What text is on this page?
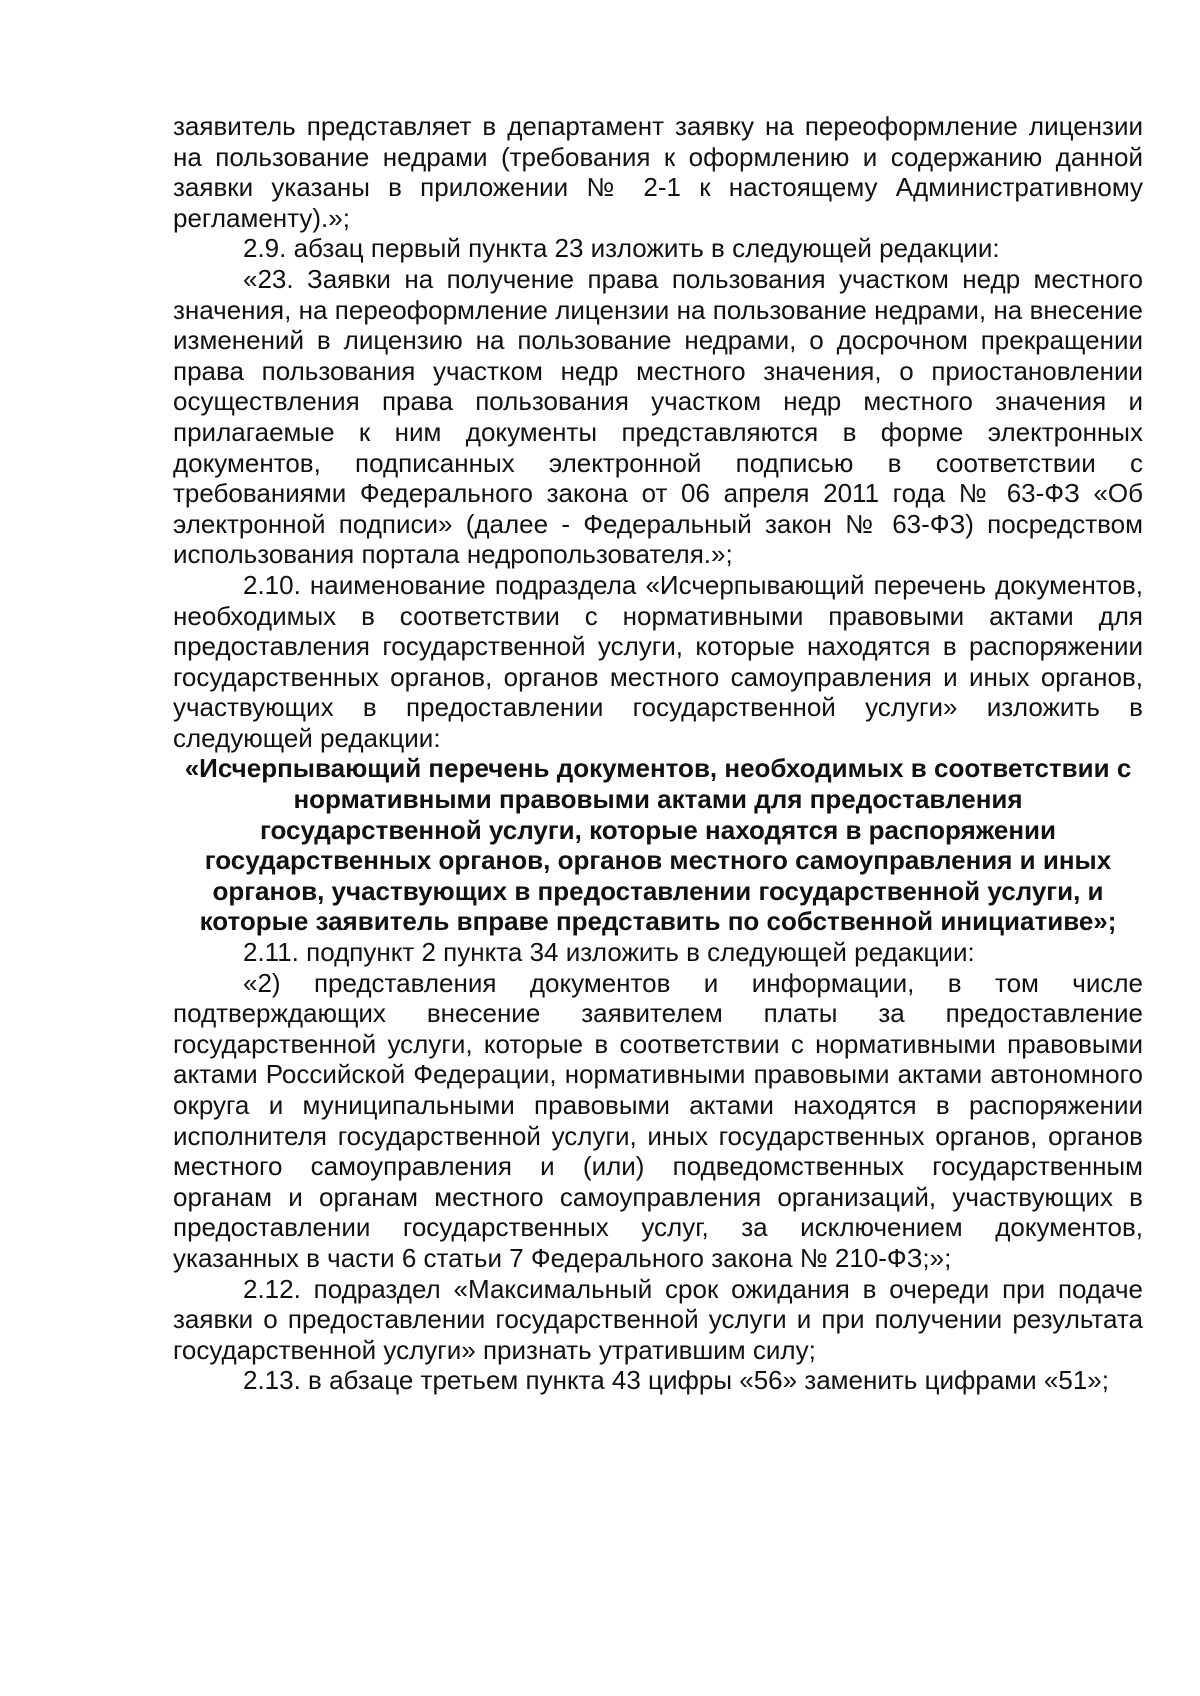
заявитель представляет в департамент заявку на переоформление лицензии на пользование недрами (требования к оформлению и содержанию данной заявки указаны в приложении № 2-1 к настоящему Административному регламенту).»;

2.9. абзац первый пункта 23 изложить в следующей редакции:

«23. Заявки на получение права пользования участком недр местного значения, на переоформление лицензии на пользование недрами, на внесение изменений в лицензию на пользование недрами, о досрочном прекращении права пользования участком недр местного значения, о приостановлении осуществления права пользования участком недр местного значения и прилагаемые к ним документы представляются в форме электронных документов, подписанных электронной подписью в соответствии с требованиями Федерального закона от 06 апреля 2011 года № 63-ФЗ «Об электронной подписи» (далее - Федеральный закон № 63-ФЗ) посредством использования портала недропользователя.»;

2.10. наименование подраздела «Исчерпывающий перечень документов, необходимых в соответствии с нормативными правовыми актами для предоставления государственной услуги, которые находятся в распоряжении государственных органов, органов местного самоуправления и иных органов, участвующих в предоставлении государственной услуги» изложить в следующей редакции:

«Исчерпывающий перечень документов, необходимых в соответствии с нормативными правовыми актами для предоставления государственной услуги, которые находятся в распоряжении государственных органов, органов местного самоуправления и иных органов, участвующих в предоставлении государственной услуги, и которые заявитель вправе представить по собственной инициативе»;

2.11. подпункт 2 пункта 34 изложить в следующей редакции:

«2) представления документов и информации, в том числе подтверждающих внесение заявителем платы за предоставление государственной услуги, которые в соответствии с нормативными правовыми актами Российской Федерации, нормативными правовыми актами автономного округа и муниципальными правовыми актами находятся в распоряжении исполнителя государственной услуги, иных государственных органов, органов местного самоуправления и (или) подведомственных государственным органам и органам местного самоуправления организаций, участвующих в предоставлении государственных услуг, за исключением документов, указанных в части 6 статьи 7 Федерального закона № 210-ФЗ;»;

2.12. подраздел «Максимальный срок ожидания в очереди при подаче заявки о предоставлении государственной услуги и при получении результата государственной услуги» признать утратившим силу;

2.13. в абзаце третьем пункта 43 цифры «56» заменить цифрами «51»;
